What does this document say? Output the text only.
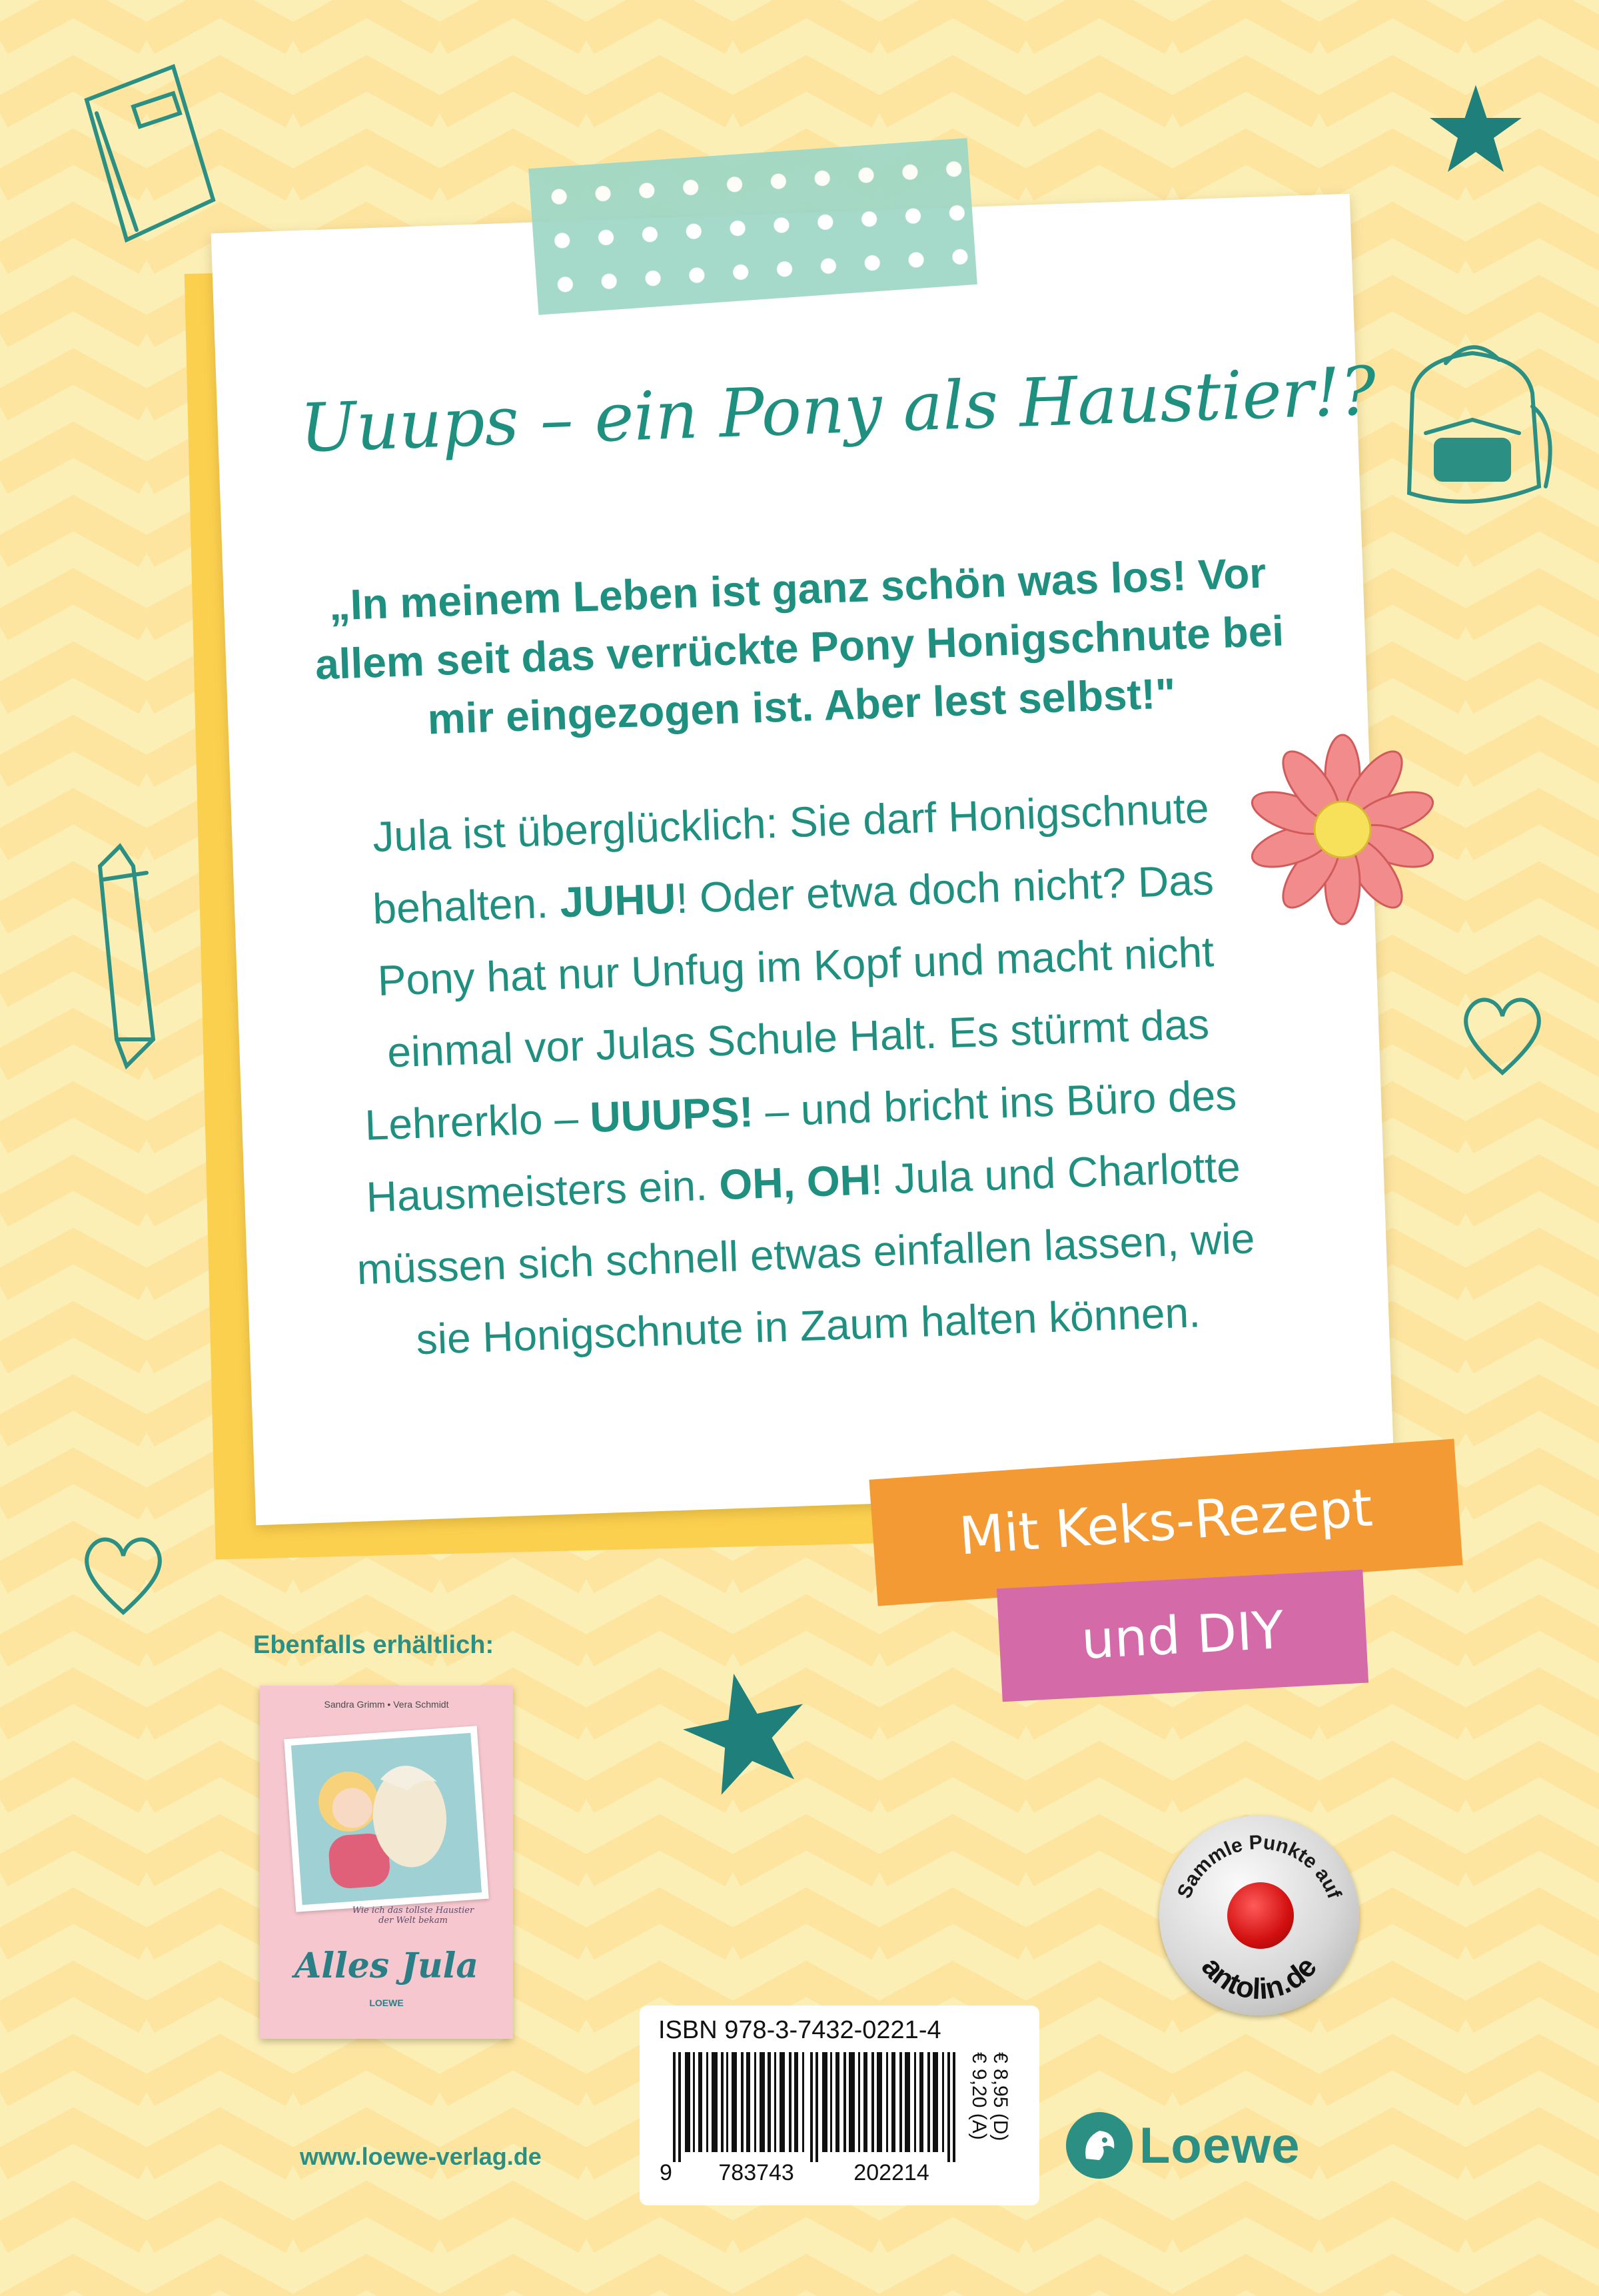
Uuups – ein Pony als Haustier!?
„In meinem Leben ist ganz schön was los! Vor allem seit das verrückte Pony Honigschnute bei mir eingezogen ist. Aber lest selbst!"
Jula ist überglücklich: Sie darf Honigschnute
behalten. JUHU! Oder etwa doch nicht? Das
Pony hat nur Unfug im Kopf und macht nicht
einmal vor Julas Schule Halt. Es stürmt das
Lehrerklo – UUUPS! – und bricht ins Büro des
Hausmeisters ein. OH, OH! Jula und Charlotte
müssen sich schnell etwas einfallen lassen, wie
sie Honigschnute in Zaum halten können.
Mit Keks-Rezept
und DIY
Ebenfalls erhältlich:
Sandra Grimm • Vera Schmidt
Wie ich das tollste Haustier der Welt bekam
Alles Jula
LOEWE
ISBN 978-3-7432-0221-4
9 783743	202214
€ 8,95 (D)
€ 9,20 (A)
www.loewe-verlag.de
Sammle Punkte auf
antolin.de
Loewe
